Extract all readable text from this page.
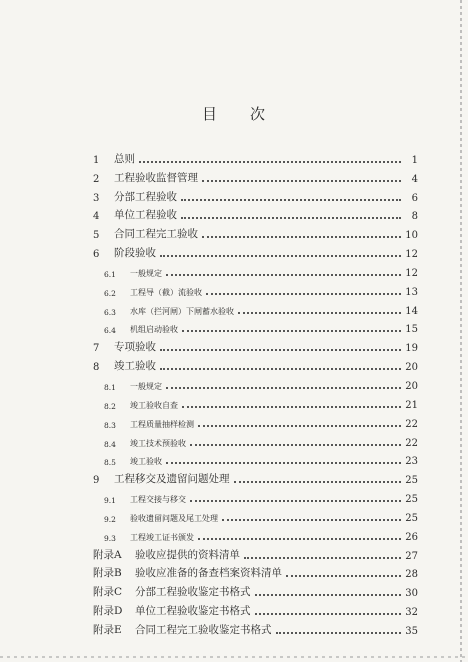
目　　次
1	总则	1
2	工程验收监督管理	4
3	分部工程验收	6
4	单位工程验收	8
5	合同工程完工验收	10
6	阶段验收	12
6.1	一般规定	12
6.2	工程导（截）流验收	13
6.3	水库（拦河闸）下闸蓄水验收	14
6.4	机组启动验收	15
7	专项验收	19
8	竣工验收	20
8.1	一般规定	20
8.2	竣工验收自查	21
8.3	工程质量抽样检测	22
8.4	竣工技术预验收	22
8.5	竣工验收	23
9	工程移交及遗留问题处理	25
9.1	工程交接与移交	25
9.2	验收遗留问题及尾工处理	25
9.3	工程竣工证书颁发	26
附录A	验收应提供的资料清单	27
附录B	验收应准备的备查档案资料清单	28
附录C	分部工程验收鉴定书格式	30
附录D	单位工程验收鉴定书格式	32
附录E	合同工程完工验收鉴定书格式	35
